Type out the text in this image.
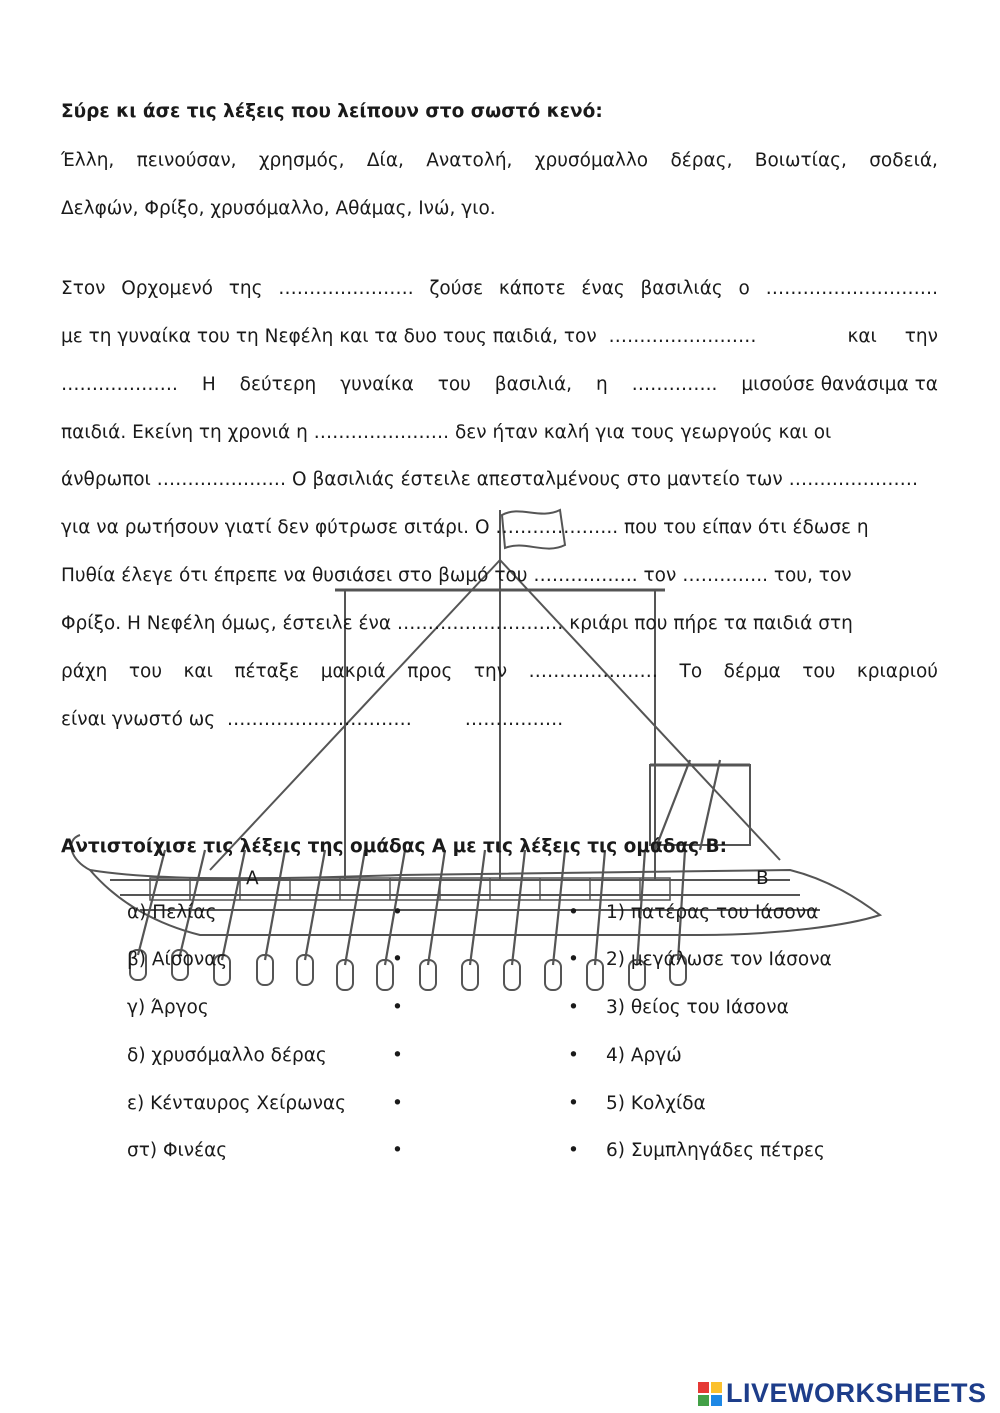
Σύρε κι άσε τις λέξεις που λείπουν στο σωστό κενό:
Έλλη, πεινούσαν, χρησμός, Δία, Ανατολή, χρυσόμαλλο δέρας, Βοιωτίας, σοδειά,
Δελφών, Φρίξο, χρυσόμαλλο, Αθάμας, Ινώ, γιο.
Στον Ορχομενό της …………………. ζούσε κάποτε ένας βασιλιάς ο ……………………….
με τη γυναίκα του τη Νεφέλη και τα δυο τους παιδιά, τον  ……………………	και την
………………. Η δεύτερη γυναίκα του βασιλιά, η ………….. μισούσε θανάσιμα τα
παιδιά. Εκείνη τη χρονιά η …………………. δεν ήταν καλή για τους γεωργούς και οι
άνθρωποι ………………… Ο βασιλιάς έστειλε απεσταλμένους στο μαντείο των …………………
για να ρωτήσουν γιατί δεν φύτρωσε σιτάρι. Ο ……………….. που του είπαν ότι έδωσε η
Πυθία έλεγε ότι έπρεπε να θυσιάσει στο βωμό του …………….. τον ………….. του, τον
Φρίξο. Η Νεφέλη όμως, έστειλε ένα ……………………… κριάρι που πήρε τα παιδιά στη
ράχη του και πέταξε μακριά προς την ………………… Το δέρμα του κριαριού
είναι γνωστό ως  …………………………         …………….
Αντιστοίχισε τις λέξεις της ομάδας Α με τις λέξεις τις ομάδας Β:
Α	Β
α) Πελίας	•	• 1) πατέρας του Ιάσονα
β) Αίσονας	•	• 2) μεγάλωσε τον Ιάσονα
γ) Άργος	•	• 3) θείος του Ιάσονα
δ) χρυσόμαλλο δέρας	•	• 4) Αργώ
ε) Κένταυρος Χείρωνας •	• 5) Κολχίδα
στ) Φινέας	•	• 6) Συμπληγάδες πέτρες
LIVEWORKSHEETS
